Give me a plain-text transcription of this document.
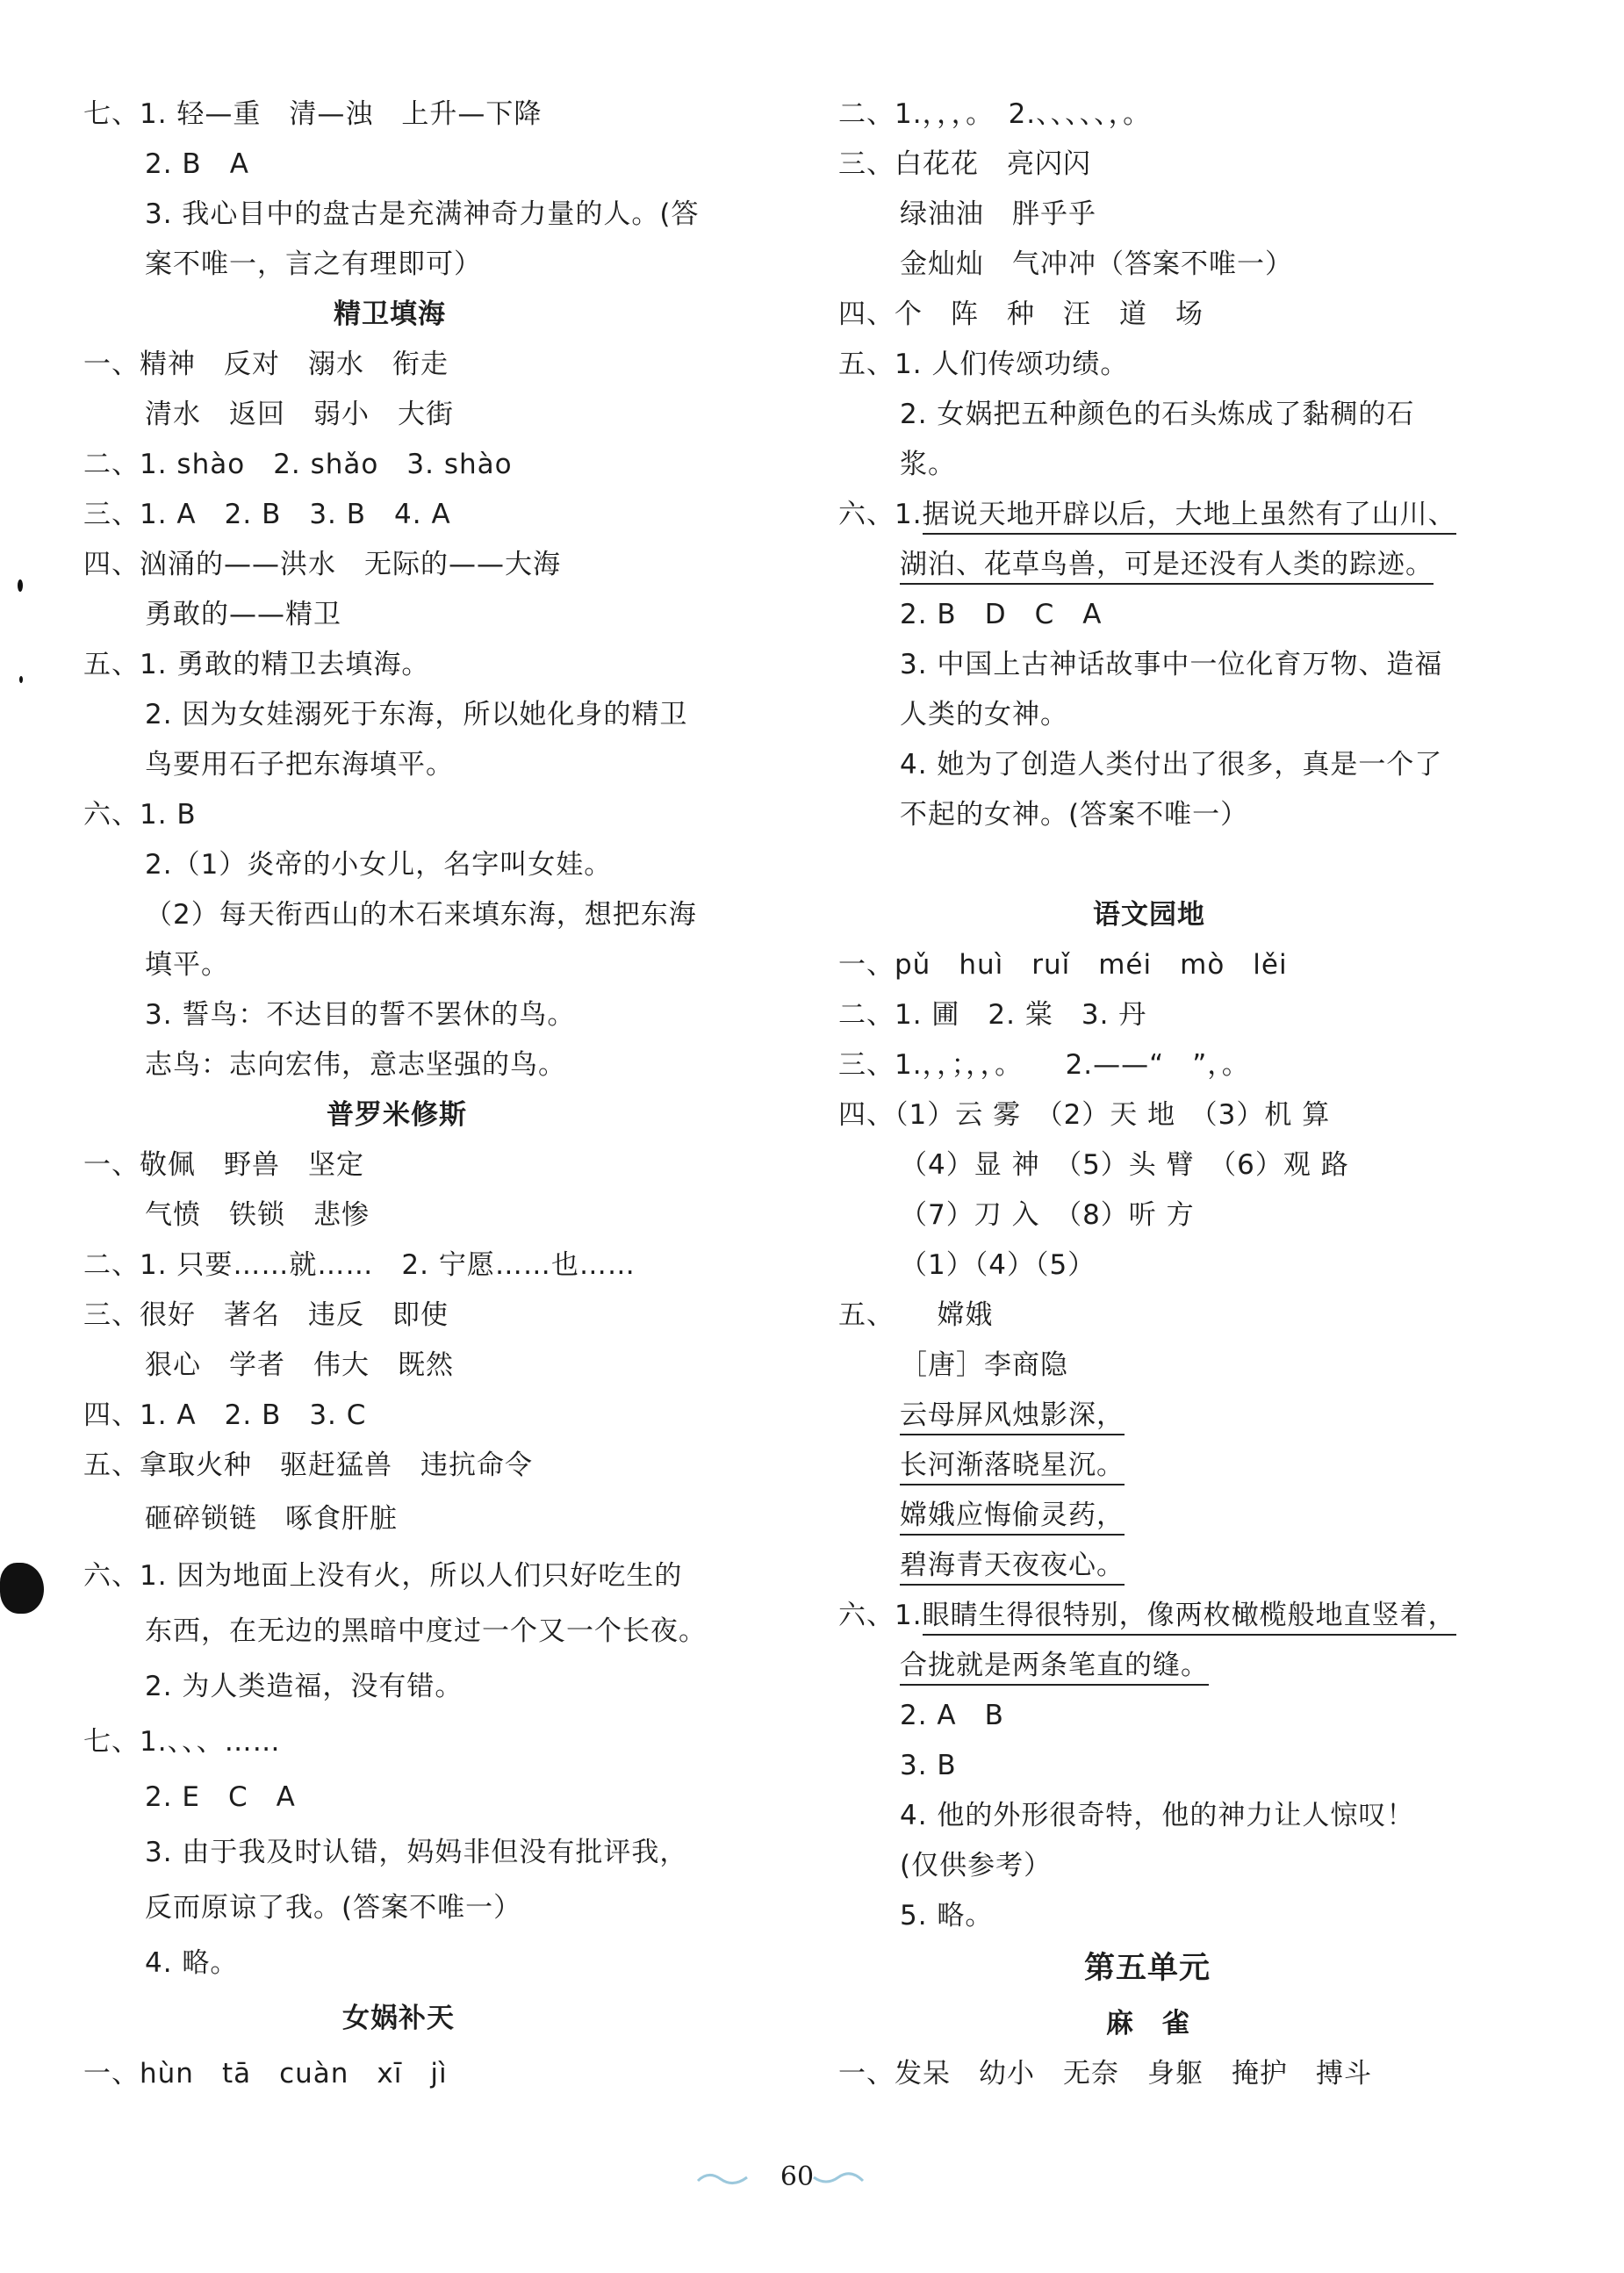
七、1. 轻—重　清—浊　上升—下降
2. B　A
3. 我心目中的盘古是充满神奇力量的人。(答
案不唯一，言之有理即可）
精卫填海
一、精神　反对　溺水　衔走
清水　返回　弱小　大街
二、1. shào　2. shǎo　3. shào
三、1. A　2. B　3. B　4. A
四、汹涌的——洪水　无际的——大海
勇敢的——精卫
五、1. 勇敢的精卫去填海。
2. 因为女娃溺死于东海，所以她化身的精卫
鸟要用石子把东海填平。
六、1. B
2.（1）炎帝的小女儿，名字叫女娃。
（2）每天衔西山的木石来填东海，想把东海
填平。
3. 誓鸟：不达目的誓不罢休的鸟。
志鸟：志向宏伟，意志坚强的鸟。
普罗米修斯
一、敬佩　野兽　坚定
气愤　铁锁　悲惨
二、1. 只要……就……　2. 宁愿……也……
三、很好　著名　违反　即使
狠心　学者　伟大　既然
四、1. A　2. B　3. C
五、拿取火种　驱赶猛兽　违抗命令
砸碎锁链　啄食肝脏
六、1. 因为地面上没有火，所以人们只好吃生的
东西，在无边的黑暗中度过一个又一个长夜。
2. 为人类造福，没有错。
七、1.、、、……
2. E　C　A
3. 由于我及时认错，妈妈非但没有批评我，
反而原谅了我。(答案不唯一）
4. 略。
女娲补天
一、hùn　tā　cuàn　xī　jì
二、1.，，，。　2.、、、、、，。
三、白花花　亮闪闪
绿油油　胖乎乎
金灿灿　气冲冲（答案不唯一）
四、个　阵　种　汪　道　场
五、1. 人们传颂功绩。
2. 女娲把五种颜色的石头炼成了黏稠的石
浆。
六、1.据说天地开辟以后，大地上虽然有了山川、
湖泊、花草鸟兽，可是还没有人类的踪迹。
2. B　D　C　A
3. 中国上古神话故事中一位化育万物、造福
人类的女神。
4. 她为了创造人类付出了很多，真是一个了
不起的女神。(答案不唯一）
语文园地
一、pǔ　huì　ruǐ　méi　mò　lěi
二、1. 圃　2. 棠　3. 丹
三、1.，，；，，。　　2.——“　”，。
四、（1）云 雾　（2）天 地　（3）机 算
（4）显 神　（5）头 臂　（6）观 路
（7）刀 入　（8）听 方
（1）（4）（5）
五、　　嫦娥
［唐］李商隐
云母屏风烛影深，
长河渐落晓星沉。
嫦娥应悔偷灵药，
碧海青天夜夜心。
六、1.眼睛生得很特别，像两枚橄榄般地直竖着，
合拢就是两条笔直的缝。
2. A　B
3. B
4. 他的外形很奇特，他的神力让人惊叹！
(仅供参考）
5. 略。
第五单元
麻　雀
一、发呆　幼小　无奈　身躯　掩护　搏斗
60
